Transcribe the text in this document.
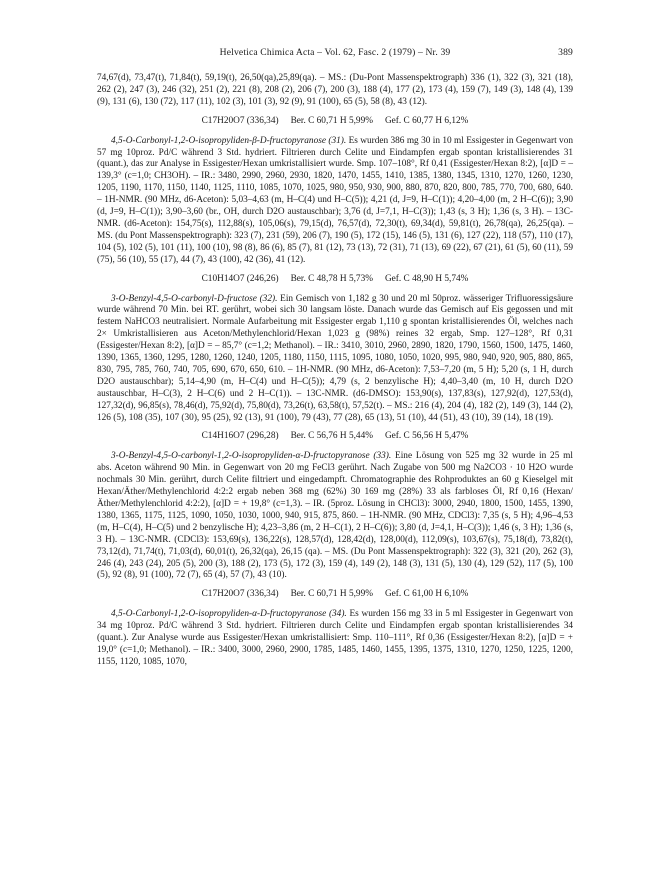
Helvetica Chimica Acta – Vol. 62, Fasc. 2 (1979) – Nr. 39	389

74,67(d), 73,47(t), 71,84(t), 59,19(t), 26,50(qa),25,89(qa). – MS.: (Du-Pont Massenspektrograph) 336 (1), 322 (3), 321 (18), 262 (2), 247 (3), 246 (32), 251 (2), 221 (8), 208 (2), 206 (7), 200 (3), 188 (4), 177 (2), 173 (4), 159 (7), 149 (3), 148 (4), 139 (9), 131 (6), 130 (72), 117 (11), 102 (3), 101 (3), 92 (9), 91 (100), 65 (5), 58 (8), 43 (12).

C17H20O7 (336,34) Ber. C 60,71 H 5,99% Gef. C 60,77 H 6,12%

4,5-O-Carbonyl-1,2-O-isopropyliden-β-D-fructopyranose (31). Es wurden 386 mg 30 in 10 ml Essigester in Gegenwart von 57 mg 10proz. Pd/C während 3 Std. hydriert. Filtrieren durch Celite und Eindampfen ergab spontan kristallisierendes 31 (quant.), das zur Analyse in Essigester/Hexan umkristallisiert wurde. Smp. 107–108°, Rf 0,41 (Essigester/Hexan 8:2), [α]D = – 139,3° (c=1,0; CH3OH). – IR.: 3480, 2990, 2960, 2930, 1820, 1470, 1455, 1410, 1385, 1380, 1345, 1310, 1270, 1260, 1230, 1205, 1190, 1170, 1150, 1140, 1125, 1110, 1085, 1070, 1025, 980, 950, 930, 900, 880, 870, 820, 800, 785, 770, 700, 680, 640. – 1H-NMR. (90 MHz, d6-Aceton): 5,03–4,63 (m, H–C(4) und H–C(5)); 4,21 (d, J=9, H–C(1)); 4,20–4,00 (m, 2 H–C(6)); 3,90 (d, J=9, H–C(1)); 3,90–3,60 (br., OH, durch D2O austauschbar); 3,76 (d, J=7,1, H–C(3)); 1,43 (s, 3 H); 1,36 (s, 3 H). – 13C-NMR. (d6-Aceton): 154,75(s), 112,88(s), 105,06(s), 79,15(d), 76,57(d), 72,30(t), 69,34(d), 59,81(t), 26,78(qa), 26,25(qa). – MS. (du Pont Massenspektrograph): 323 (7), 231 (59), 206 (7), 190 (5), 172 (15), 146 (5), 131 (6), 127 (22), 118 (57), 110 (17), 104 (5), 102 (5), 101 (11), 100 (10), 98 (8), 86 (6), 85 (7), 81 (12), 73 (13), 72 (31), 71 (13), 69 (22), 67 (21), 61 (5), 60 (11), 59 (75), 56 (10), 55 (17), 44 (7), 43 (100), 42 (36), 41 (12).

C10H14O7 (246,26) Ber. C 48,78 H 5,73% Gef. C 48,90 H 5,74%

3-O-Benzyl-4,5-O-carbonyl-D-fructose (32). Ein Gemisch von 1,182 g 30 und 20 ml 50proz. wässeriger Trifluoressigsäure wurde während 70 Min. bei RT. gerührt, wobei sich 30 langsam löste. Danach wurde das Gemisch auf Eis gegossen und mit festem NaHCO3 neutralisiert. Normale Aufarbeitung mit Essigester ergab 1,110 g spontan kristallisierendes Öl, welches nach 2× Umkristallisieren aus Aceton/Methylenchlorid/Hexan 1,023 g (98%) reines 32 ergab, Smp. 127–128°, Rf 0,31 (Essigester/Hexan 8:2), [α]D = – 85,7° (c=1,2; Methanol). – IR.: 3410, 3010, 2960, 2890, 1820, 1790, 1560, 1500, 1475, 1460, 1390, 1365, 1360, 1295, 1280, 1260, 1240, 1205, 1180, 1150, 1115, 1095, 1080, 1050, 1020, 995, 980, 940, 920, 905, 880, 865, 830, 795, 785, 760, 740, 705, 690, 670, 650, 610. – 1H-NMR. (90 MHz, d6-Aceton): 7,53–7,20 (m, 5 H); 5,20 (s, 1 H, durch D2O austauschbar); 5,14–4,90 (m, H–C(4) und H–C(5)); 4,79 (s, 2 benzylische H); 4,40–3,40 (m, 10 H, durch D2O austauschbar, H–C(3), 2 H–C(6) und 2 H–C(1)). – 13C-NMR. (d6-DMSO): 153,90(s), 137,83(s), 127,92(d), 127,53(d), 127,32(d), 96,85(s), 78,46(d), 75,92(d), 75,80(d), 73,26(t), 63,58(t), 57,52(t). – MS.: 216 (4), 204 (4), 182 (2), 149 (3), 144 (2), 126 (5), 108 (35), 107 (30), 95 (25), 92 (13), 91 (100), 79 (43), 77 (28), 65 (13), 51 (10), 44 (51), 43 (10), 39 (14), 18 (19).

C14H16O7 (296,28) Ber. C 56,76 H 5,44% Gef. C 56,56 H 5,47%

3-O-Benzyl-4,5-O-carbonyl-1,2-O-isopropyliden-α-D-fructopyranose (33). Eine Lösung von 525 mg 32 wurde in 25 ml abs. Aceton während 90 Min. in Gegenwart von 20 mg FeCl3 gerührt. Nach Zugabe von 500 mg Na2CO3 · 10 H2O wurde nochmals 30 Min. gerührt, durch Celite filtriert und eingedampft. Chromatographie des Rohproduktes an 60 g Kieselgel mit Hexan/Äther/Methylenchlorid 4:2:2 ergab neben 368 mg (62%) 30 169 mg (28%) 33 als farbloses Öl, Rf 0,16 (Hexan/Äther/Methylenchlorid 4:2:2), [α]D = + 19,8° (c=1,3). – IR. (5proz. Lösung in CHCl3): 3000, 2940, 1800, 1500, 1455, 1390, 1380, 1365, 1175, 1125, 1090, 1050, 1030, 1000, 940, 915, 875, 860. – 1H-NMR. (90 MHz, CDCl3): 7,35 (s, 5 H); 4,96–4,53 (m, H–C(4), H–C(5) und 2 benzylische H); 4,23–3,86 (m, 2 H–C(1), 2 H–C(6)); 3,80 (d, J=4,1, H–C(3)); 1,46 (s, 3 H); 1,36 (s, 3 H). – 13C-NMR. (CDCl3): 153,69(s), 136,22(s), 128,57(d), 128,42(d), 128,00(d), 112,09(s), 103,67(s), 75,18(d), 73,82(t), 73,12(d), 71,74(t), 71,03(d), 60,01(t), 26,32(qa), 26,15 (qa). – MS. (Du Pont Massenspektrograph): 322 (3), 321 (20), 262 (3), 246 (4), 243 (24), 205 (5), 200 (3), 188 (2), 173 (5), 172 (3), 159 (4), 149 (2), 148 (3), 131 (5), 130 (4), 129 (52), 117 (5), 100 (5), 92 (8), 91 (100), 72 (7), 65 (4), 57 (7), 43 (10).

C17H20O7 (336,34) Ber. C 60,71 H 5,99% Gef. C 61,00 H 6,10%

4,5-O-Carbonyl-1,2-O-isopropyliden-α-D-fructopyranose (34). Es wurden 156 mg 33 in 5 ml Essigester in Gegenwart von 34 mg 10proz. Pd/C während 3 Std. hydriert. Filtrieren durch Celite und Eindampfen ergab spontan kristallisierendes 34 (quant.). Zur Analyse wurde aus Essigester/Hexan umkristallisiert: Smp. 110–111°, Rf 0,36 (Essigester/Hexan 8:2), [α]D = + 19,0° (c=1,0; Methanol). – IR.: 3400, 3000, 2960, 2900, 1785, 1485, 1460, 1455, 1395, 1375, 1310, 1270, 1250, 1225, 1200, 1155, 1120, 1085, 1070,
